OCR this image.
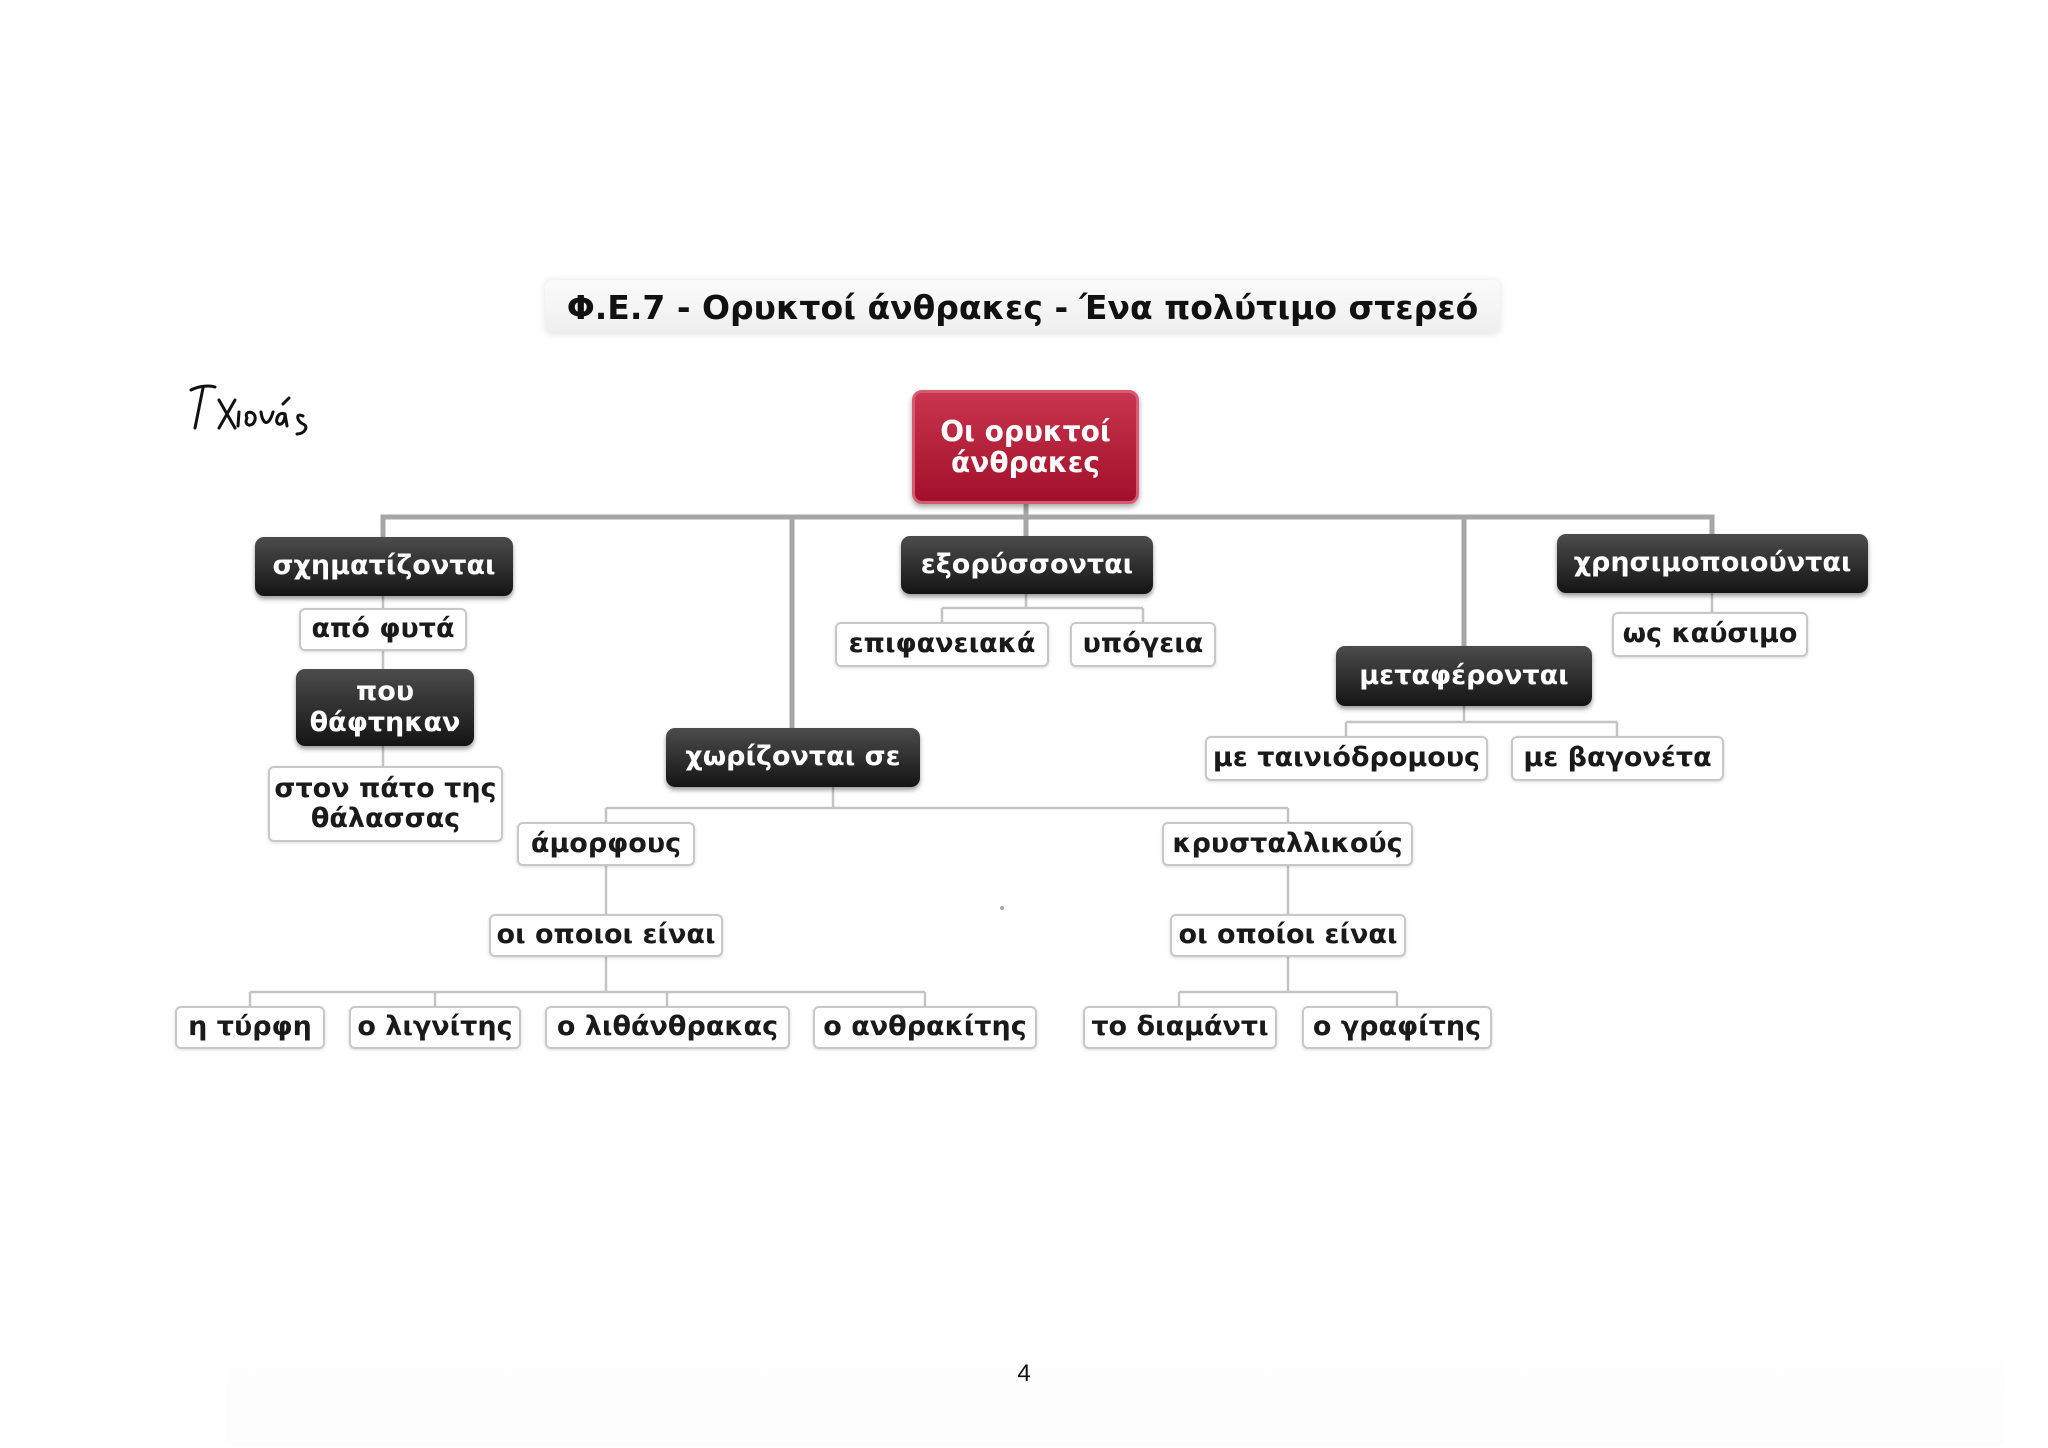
Φ.Ε.7 - Ορυκτοί άνθρακες - Ένα πολύτιμο στερεό
Οι ορυκτοί
άνθρακες
σχηματίζονται
από φυτά
που
θάφτηκαν
στον πάτο της
θάλασσας
εξορύσσονται
επιφανειακά υπόγεια
χρησιμοποιούνται
ως καύσιμο
μεταφέρονται
με ταινιόδρομους με βαγονέτα
χωρίζονται σε
άμορφους	κρυσταλλικούς
οι οποιοι είναι	οι οποίοι είναι
η τύρφη ο λιγνίτης ο λιθάνθρακας ο ανθρακίτης το διαμάντι ο γραφίτης
4
